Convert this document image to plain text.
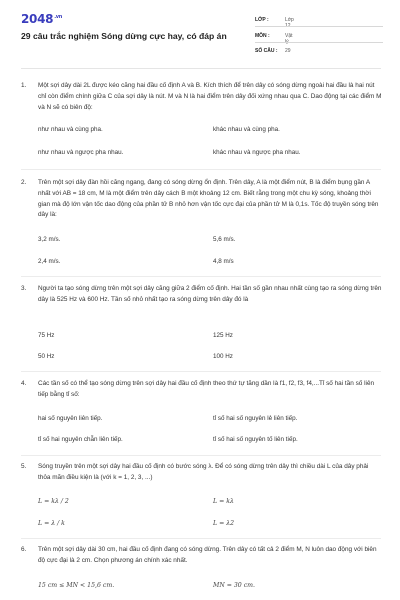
$2048^{.vn}$
29 câu trắc nghiệm Sóng dừng cực hay, có đáp án
LỚP :	Lớp 12
MÔN :	Vật lý
SỐ CÂU :	29
1. Một sợi dây dài 2L được kéo căng hai đầu cố định A và B. Kích thích để trên dây có sóng dừng ngoài hai đầu là hai nút chỉ còn điểm chính giữa C của sợi dây là nút. M và N là hai điểm trên dây đối xứng nhau qua C. Dao động tại các điểm M và N sẽ có biên độ:
như nhau và cùng pha.	khác nhau và cùng pha.
như nhau và ngược pha nhau.	khác nhau và ngược pha nhau.
2. Trên một sợi dây đàn hồi căng ngang, đang có sóng dừng ổn định. Trên dây, A là một điểm nút, B là điểm bụng gần A nhất với AB = 18 cm, M là một điểm trên dây cách B một khoảng 12 cm. Biết rằng trong một chu kỳ sóng, khoảng thời gian mà độ lớn vận tốc dao động của phần tử B nhỏ hơn vận tốc cực đại của phần tử M là 0,1s. Tốc độ truyền sóng trên dây là:
3,2 m/s.	5,6 m/s.
2,4 m/s.	4,8 m/s
3. Người ta tạo sóng dừng trên một sợi dây căng giữa 2 điểm cố định. Hai tần số gần nhau nhất cùng tạo ra sóng dừng trên dây là 525 Hz và 600 Hz. Tần số nhỏ nhất tạo ra sóng dừng trên dây đó là
75 Hz	125 Hz
50 Hz	100 Hz
4. Các tần số có thể tạo sóng dừng trên sợi dây hai đầu cố định theo thứ tự tăng dần là f1, f2, f3, f4,...Tỉ số hai tần số liên tiếp bằng tỉ số:
hai số nguyên liên tiếp.	tỉ số hai số nguyên lẻ liên tiếp.
tỉ số hai nguyên chẵn liên tiếp.	tỉ số hai số nguyên tố liên tiếp.
5. Sóng truyền trên một sợi dây hai đầu cố định có bước sóng λ. Để có sóng dừng trên dây thì chiều dài L của dây phải thỏa mãn điều kiện là (với k = 1, 2, 3, ...)
L = kλ / 2	L = kλ
L = λ / k	L = λ2
6. Trên một sợi dây dài 30 cm, hai đầu cố định đang có sóng dừng. Trên dây có tất cả 2 điểm M, N luôn dao động với biên độ cực đại là 2 cm. Chọn phương án chính xác nhất.
15 cm ≤ MN < 15,6 cm.	MN = 30 cm.
